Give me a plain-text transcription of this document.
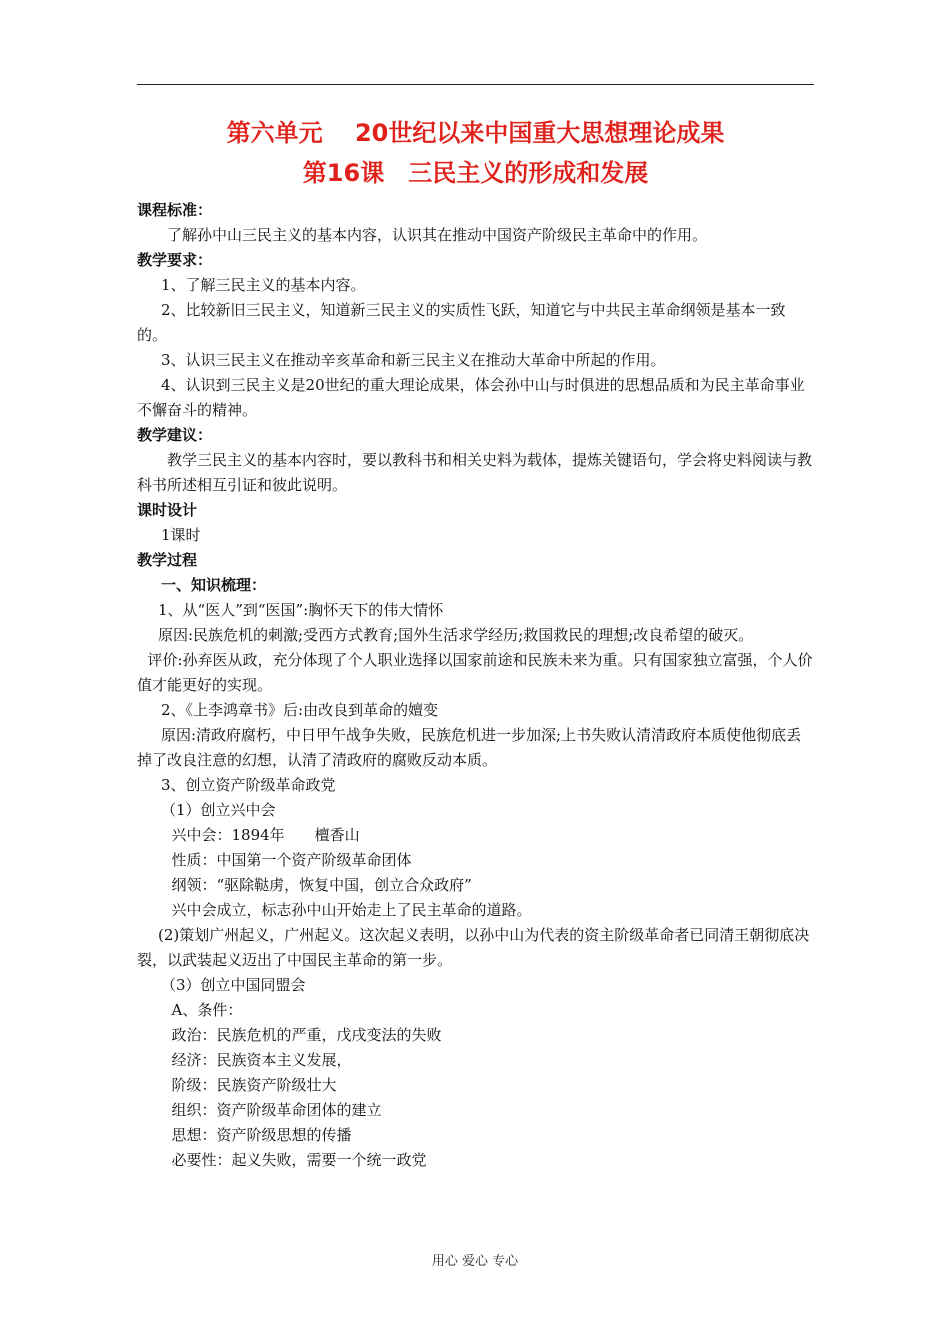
第六单元　 20世纪以来中国重大思想理论成果
第16课　三民主义的形成和发展

课程标准：

了解孙中山三民主义的基本内容，认识其在推动中国资产阶级民主革命中的作用。

教学要求：

1、了解三民主义的基本内容。

2、比较新旧三民主义，知道新三民主义的实质性飞跃，知道它与中共民主革命纲领是基本一致的。

3、认识三民主义在推动辛亥革命和新三民主义在推动大革命中所起的作用。

4、认识到三民主义是20世纪的重大理论成果，体会孙中山与时俱进的思想品质和为民主革命事业不懈奋斗的精神。

教学建议：

教学三民主义的基本内容时，要以教科书和相关史料为载体，提炼关键语句，学会将史料阅读与教科书所述相互引证和彼此说明。

课时设计

1课时

教学过程

一、知识梳理：

1、从“医人”到“医国”:胸怀天下的伟大情怀

原因:民族危机的刺激;受西方式教育;国外生活求学经历;救国救民的理想;改良希望的破灭。

评价:孙弃医从政，充分体现了个人职业选择以国家前途和民族未来为重。只有国家独立富强，个人价值才能更好的实现。

2、《上李鸿章书》后:由改良到革命的嬗变

原因:清政府腐朽，中日甲午战争失败，民族危机进一步加深;上书失败认清清政府本质使他彻底丢掉了改良注意的幻想，认清了清政府的腐败反动本质。

3、创立资产阶级革命政党

（1）创立兴中会

兴中会：1894年　　檀香山

性质：中国第一个资产阶级革命团体

纲领：“驱除鞑虏，恢复中国，创立合众政府”

兴中会成立，标志孙中山开始走上了民主革命的道路。

(2)策划广州起义，广州起义。这次起义表明，以孙中山为代表的资主阶级革命者已同清王朝彻底决裂，以武装起义迈出了中国民主革命的第一步。

（3）创立中国同盟会

A、条件：

政治：民族危机的严重，戊戌变法的失败

经济：民族资本主义发展，

阶级：民族资产阶级壮大

组织：资产阶级革命团体的建立

思想：资产阶级思想的传播

必要性：起义失败，需要一个统一政党

用心 爱心 专心
